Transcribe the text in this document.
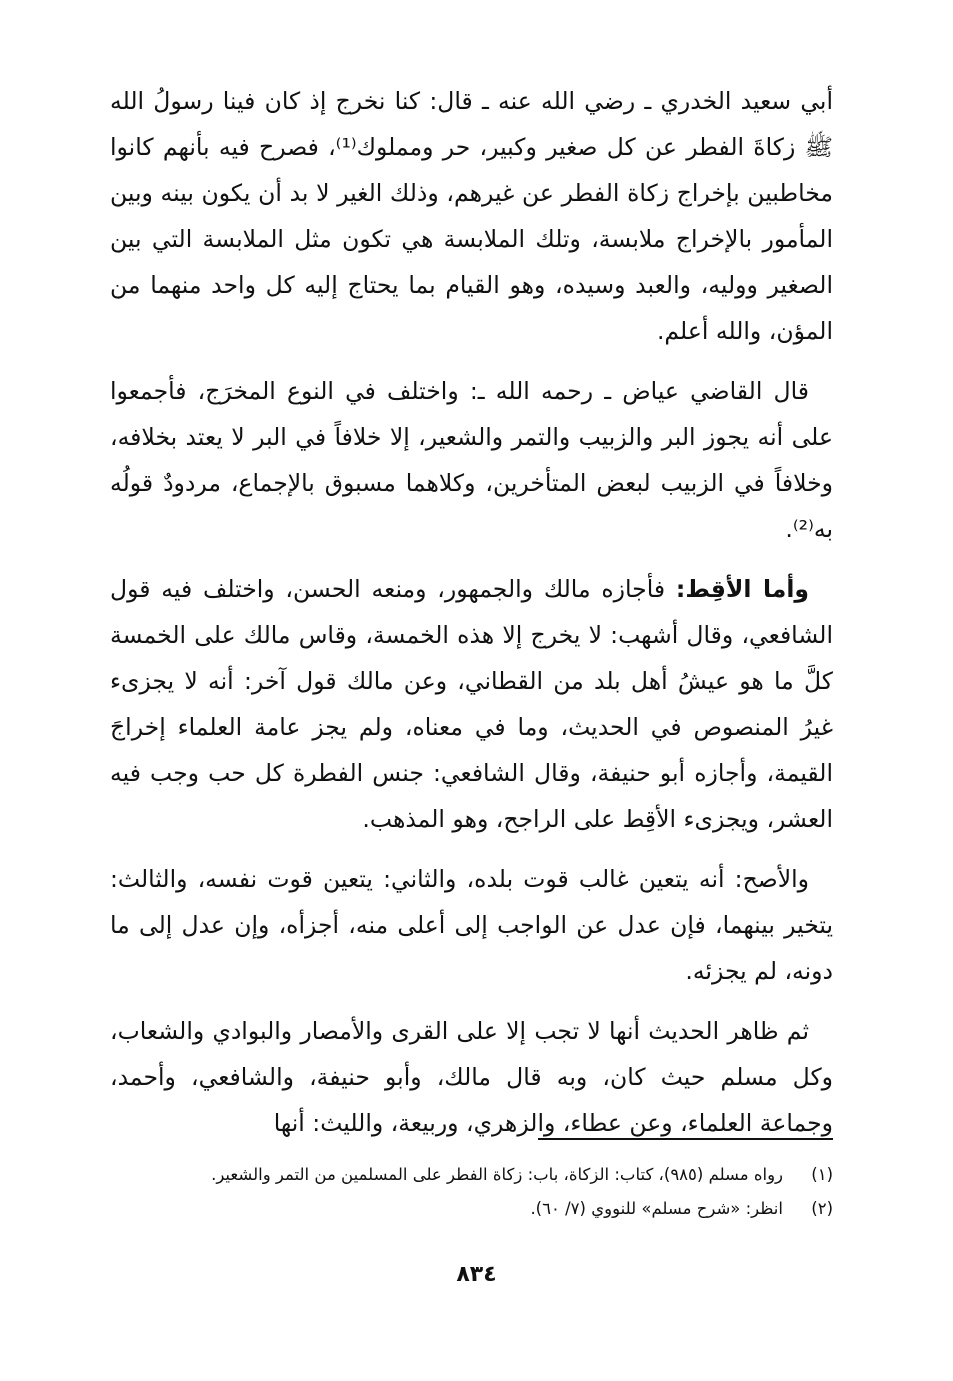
أبي سعيد الخدري ـ رضي الله عنه ـ قال: كنا نخرج إذ كان فينا رسولُ الله ﷺ زكاةَ الفطر عن كل صغير وكبير، حر ومملوك⁽¹⁾، فصرح فيه بأنهم كانوا مخاطبين بإخراج زكاة الفطر عن غيرهم، وذلك الغير لا بد أن يكون بينه وبين المأمور بالإخراج ملابسة، وتلك الملابسة هي تكون مثل الملابسة التي بين الصغير ووليه، والعبد وسيده، وهو القيام بما يحتاج إليه كل واحد منهما من المؤن، والله أعلم.

قال القاضي عياض ـ رحمه الله ـ: واختلف في النوع المخرَج، فأجمعوا على أنه يجوز البر والزبيب والتمر والشعير، إلا خلافاً في البر لا يعتد بخلافه، وخلافاً في الزبيب لبعض المتأخرين، وكلاهما مسبوق بالإجماع، مردودٌ قولُه به⁽²⁾.

وأما الأقِط: فأجازه مالك والجمهور، ومنعه الحسن، واختلف فيه قول الشافعي، وقال أشهب: لا يخرج إلا هذه الخمسة، وقاس مالك على الخمسة كلَّ ما هو عيشُ أهل بلد من القطاني، وعن مالك قول آخر: أنه لا يجزىء غيرُ المنصوص في الحديث، وما في معناه، ولم يجز عامة العلماء إخراجَ القيمة، وأجازه أبو حنيفة، وقال الشافعي: جنس الفطرة كل حب وجب فيه العشر، ويجزىء الأقِط على الراجح، وهو المذهب.

والأصح: أنه يتعين غالب قوت بلده، والثاني: يتعين قوت نفسه، والثالث: يتخير بينهما، فإن عدل عن الواجب إلى أعلى منه، أجزأه، وإن عدل إلى ما دونه، لم يجزئه.

ثم ظاهر الحديث أنها لا تجب إلا على القرى والأمصار والبوادي والشعاب، وكل مسلم حيث كان، وبه قال مالك، وأبو حنيفة، والشافعي، وأحمد، وجماعة العلماء، وعن عطاء، والزهري، وربيعة، والليث: أنها

(١)رواه مسلم (٩٨٥)، كتاب: الزكاة، باب: زكاة الفطر على المسلمين من التمر والشعير.

(٢)انظر: «شرح مسلم» للنووي (٧/ ٦٠).

٨٣٤
